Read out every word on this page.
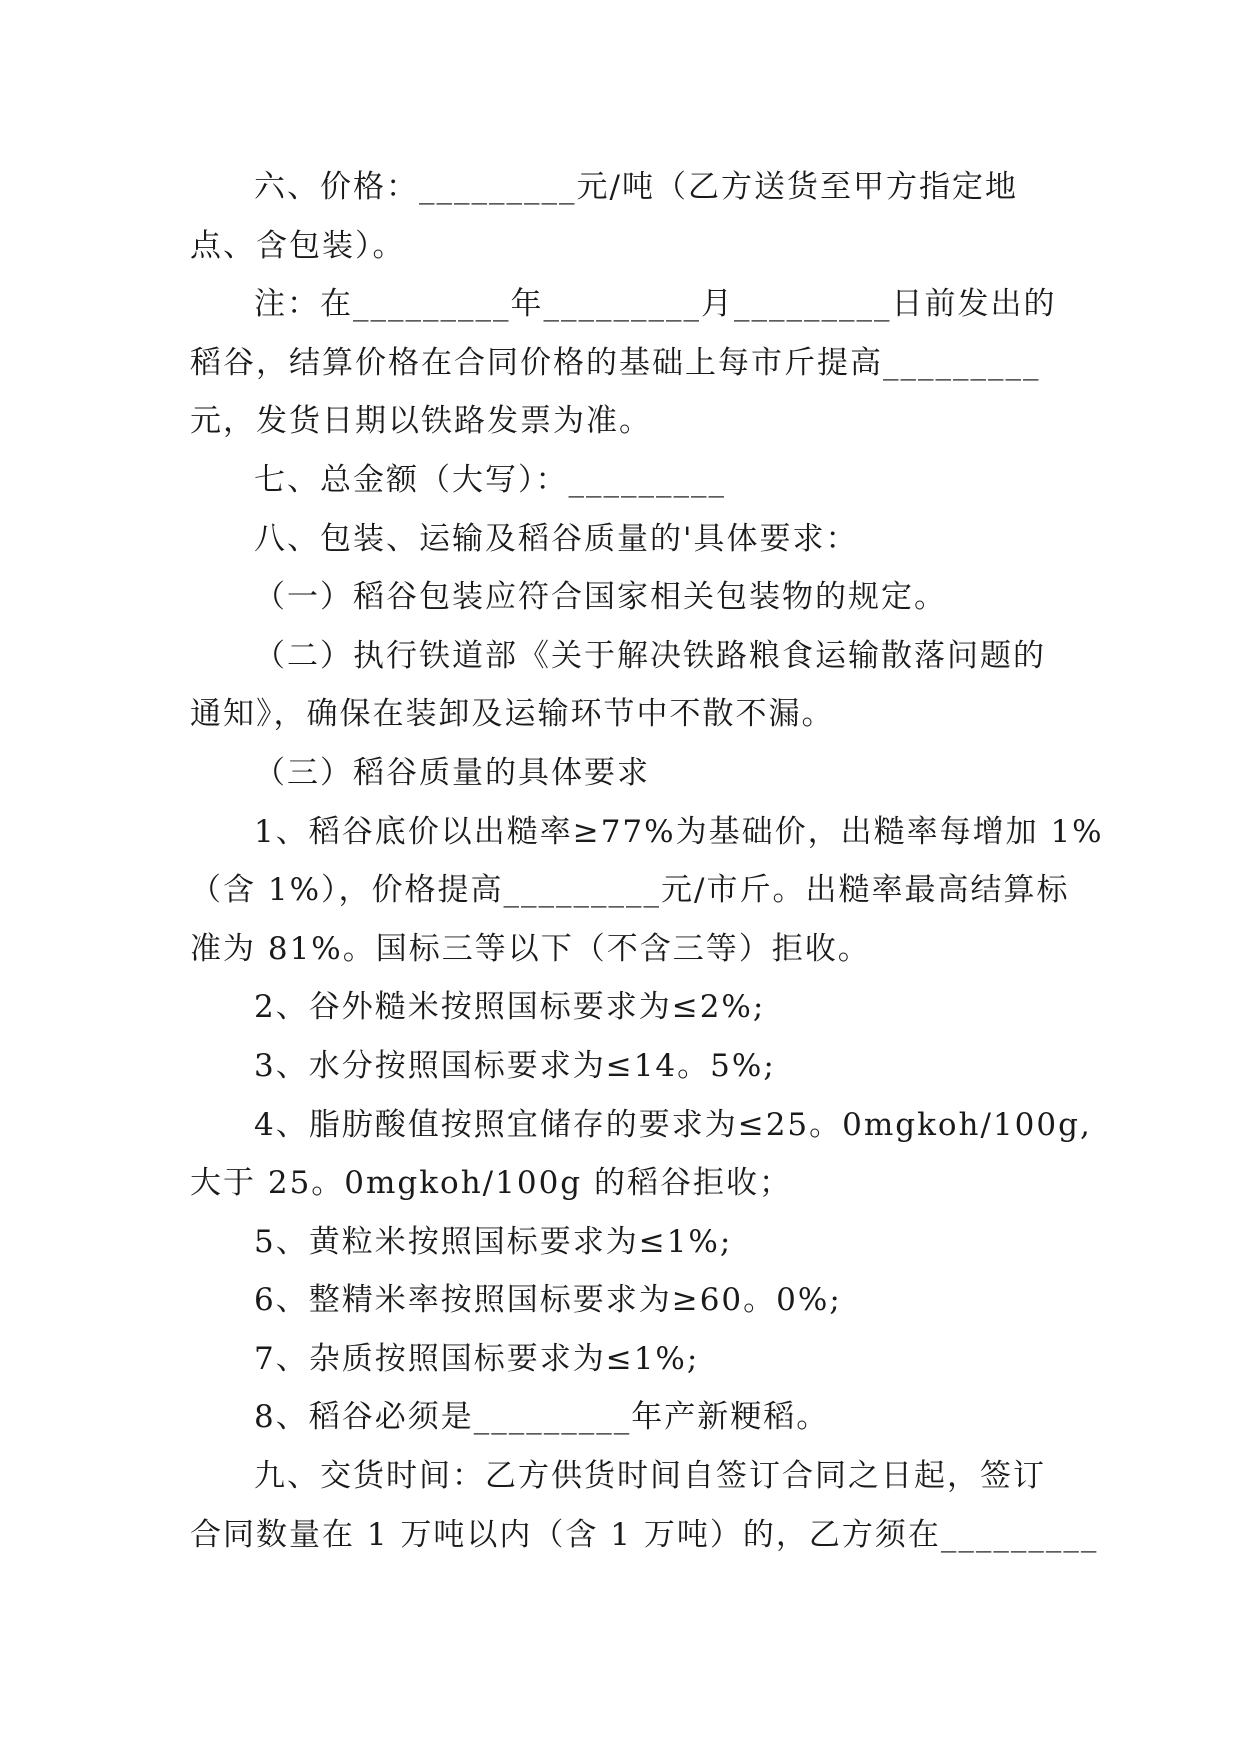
六、价格：_________元/吨（乙方送货至甲方指定地
点、含包装）。
注：在_________年_________月_________日前发出的
稻谷，结算价格在合同价格的基础上每市斤提高_________
元，发货日期以铁路发票为准。
七、总金额（大写）：_________
八、包装、运输及稻谷质量的'具体要求：
（一）稻谷包装应符合国家相关包装物的规定。
（二）执行铁道部《关于解决铁路粮食运输散落问题的
通知》，确保在装卸及运输环节中不散不漏。
（三）稻谷质量的具体要求
1、稻谷底价以出糙率≥77%为基础价，出糙率每增加 1%
（含 1%），价格提高_________元/市斤。出糙率最高结算标
准为 81%。国标三等以下（不含三等）拒收。
2、谷外糙米按照国标要求为≤2%;
3、水分按照国标要求为≤14。5%;
4、脂肪酸值按照宜储存的要求为≤25。0mgkoh/100g,
大于 25。0mgkoh/100g 的稻谷拒收；
5、黄粒米按照国标要求为≤1%;
6、整精米率按照国标要求为≥60。0%;
7、杂质按照国标要求为≤1%;
8、稻谷必须是_________年产新粳稻。
九、交货时间：乙方供货时间自签订合同之日起，签订
合同数量在 1 万吨以内（含 1 万吨）的，乙方须在_________
